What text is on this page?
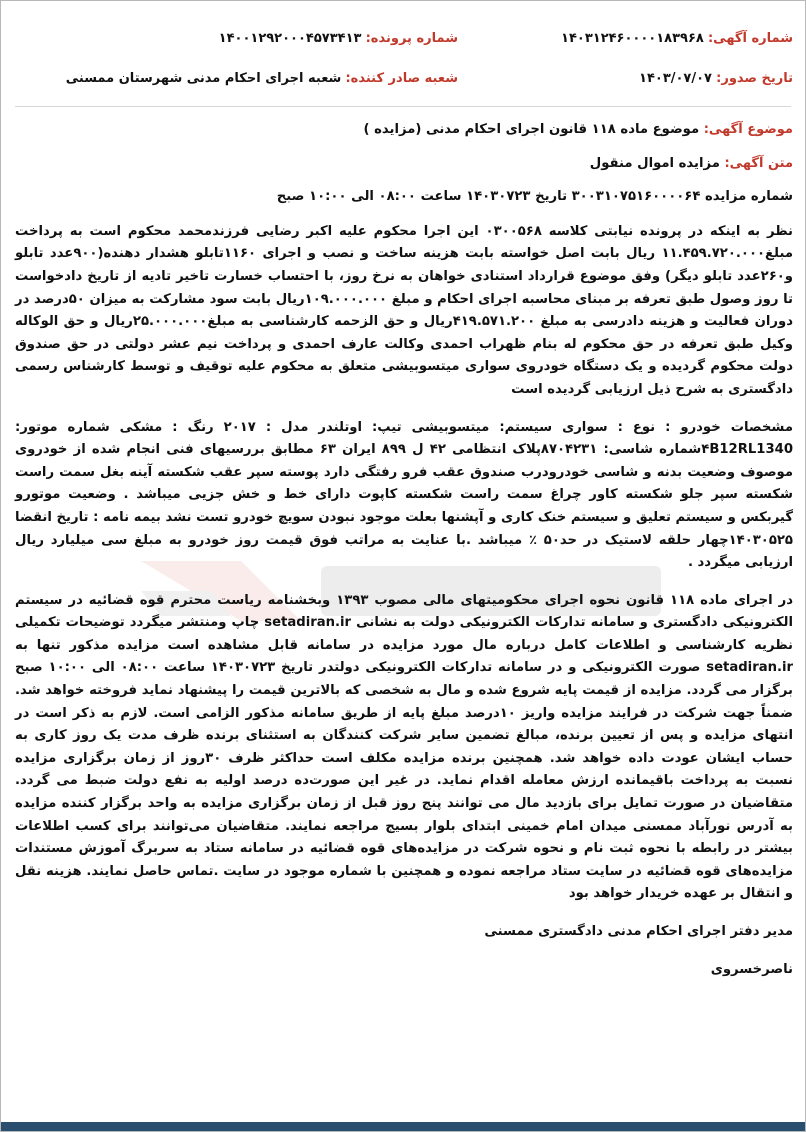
شماره آگهی: ۱۴۰۳۱۲۴۶۰۰۰۰۱۸۳۹۶۸
شماره پرونده: ۱۴۰۰۱۲۹۲۰۰۰۴۵۷۳۴۱۳
تاریخ صدور: ۱۴۰۳/۰۷/۰۷
شعبه صادر کننده: شعبه اجرای احکام مدنی شهرستان ممسنی

موضوع آگهی: موضوع ماده ۱۱۸ قانون اجرای احکام مدنی (مزایده )

متن آگهی: مزایده اموال منقول

شماره مزایده ۳۰۰۳۱۰۷۵۱۶۰۰۰۰۶۴ تاریخ ۱۴۰۳۰۷۲۳ ساعت ۰۸:۰۰ الی ۱۰:۰۰ صبح

نظر به اینکه در پرونده نیابتی کلاسه ۰۳۰۰۵۶۸ این اجرا محکوم علیه اکبر رضایی فرزندمحمد محکوم است به پرداخت مبلغ۱۱.۴۵۹.۷۲۰.۰۰۰ ریال بابت اصل خواسته بابت هزینه ساخت و نصب و اجرای ۱۱۶۰تابلو هشدار دهنده(۹۰۰عدد تابلو و۲۶۰عدد تابلو دیگر) وفق موضوع قرارداد استنادی خواهان به نرخ روز، با احتساب خسارت تاخیر تادیه از تاریخ دادخواست تا روز وصول طبق تعرفه بر مبنای محاسبه اجرای احکام و مبلغ ۱۰۹.۰۰۰.۰۰۰ریال بابت سود مشارکت به میزان ۵۰درصد در دوران فعالیت و هزینه دادرسی به مبلغ ۴۱۹.۵۷۱.۲۰۰ریال و حق الزحمه کارشناسی به مبلغ۲۵.۰۰۰.۰۰۰ریال و حق الوکاله وکیل طبق تعرفه در حق محکوم له بنام ظهراب احمدی وکالت عارف احمدی و پرداخت نیم عشر دولتی در حق صندوق دولت محکوم گردیده و یک دستگاه خودروی سواری میتسوبیشی متعلق به محکوم علیه توقیف و توسط کارشناس رسمی دادگستری به شرح ذیل ارزیابی گردیده است

مشخصات خودرو : نوع : سواری سیستم: میتسوبیشی تیپ: اوتلندر مدل : ۲۰۱۷ رنگ : مشکی شماره موتور: ۴B12RL1340شماره شاسی: ۸۷۰۴۲۳۱پلاک انتظامی ۴۲ ل ۸۹۹ ایران ۶۳ مطابق بررسیهای فنی انجام شده از خودروی موصوف وضعیت بدنه و شاسی خودرودرب صندوق عقب فرو رفتگی دارد پوسته سپر عقب شکسته آینه بغل سمت راست شکسته سپر جلو شکسته کاور چراغ سمت راست شکسته کاپوت دارای خط و خش جزیی میباشد . وضعیت موتورو گیربکس و سیستم تعلیق و سیستم خنک کاری و آپشنها بعلت موجود نبودن سویچ خودرو تست نشد بیمه نامه : تاریخ انقضا ۱۴۰۳۰۵۲۵چهار حلقه لاستیک در حد۵۰ ٪ میباشد .با عنایت به مراتب فوق قیمت روز خودرو به مبلغ سی میلیارد ریال ارزیابی میگردد .

در اجرای ماده ۱۱۸ قانون نحوه اجرای محکومیتهای مالی مصوب ۱۳۹۳ وبخشنامه ریاست محترم قوه قضائیه در سیستم الکترونیکی دادگستری و سامانه تدارکات الکترونیکی دولت به نشانی setadiran.ir چاپ ومنتشر میگردد توضیحات تکمیلی نظریه کارشناسی و اطلاعات کامل درباره مال مورد مزایده در سامانه قابل مشاهده است مزایده مذکور تنها به setadiran.ir صورت الکترونیکی و در سامانه تدارکات الکترونیکی دولتدر تاریخ ۱۴۰۳۰۷۲۳ ساعت ۰۸:۰۰ الی ۱۰:۰۰ صبح برگزار می گردد. مزایده از قیمت پایه شروع شده و مال به شخصی که بالاترین قیمت را پیشنهاد نماید فروخته خواهد شد. ضمناً جهت شرکت در فرایند مزایده واریز ۱۰درصد مبلغ پایه از طریق سامانه مذکور الزامی است. لازم به ذکر است در انتهای مزایده و پس از تعیین برنده، مبالغ تضمین سایر شرکت کنندگان به استثنای برنده ظرف مدت یک روز کاری به حساب ایشان عودت داده خواهد شد. همچنین برنده مزایده مکلف است حداکثر ظرف ۳۰روز از زمان برگزاری مزایده نسبت به پرداخت باقیمانده ارزش معامله اقدام نماید. در غیر این صورت‌ده درصد اولیه به نفع دولت ضبط می گردد. متقاضیان در صورت تمایل برای بازدید مال می توانند پنج روز قبل از زمان برگزاری مزایده به واحد برگزار کننده مزایده به آدرس نورآباد ممسنی میدان امام خمینی ابتدای بلوار بسیج مراجعه نمایند. متقاضیان می‌توانند برای کسب اطلاعات بیشتر در رابطه با نحوه ثبت نام و نحوه شرکت در مزایده‌های قوه قضائیه در سامانه ستاد به سربرگ آموزش مستندات مزایده‌های قوه قضائیه در سایت ستاد مراجعه نموده و همچنین با شماره موجود در سایت .تماس حاصل نمایند. هزینه نقل و انتقال بر عهده خریدار خواهد بود

مدیر دفتر اجرای احکام مدنی دادگستری ممسنی

ناصرخسروی
